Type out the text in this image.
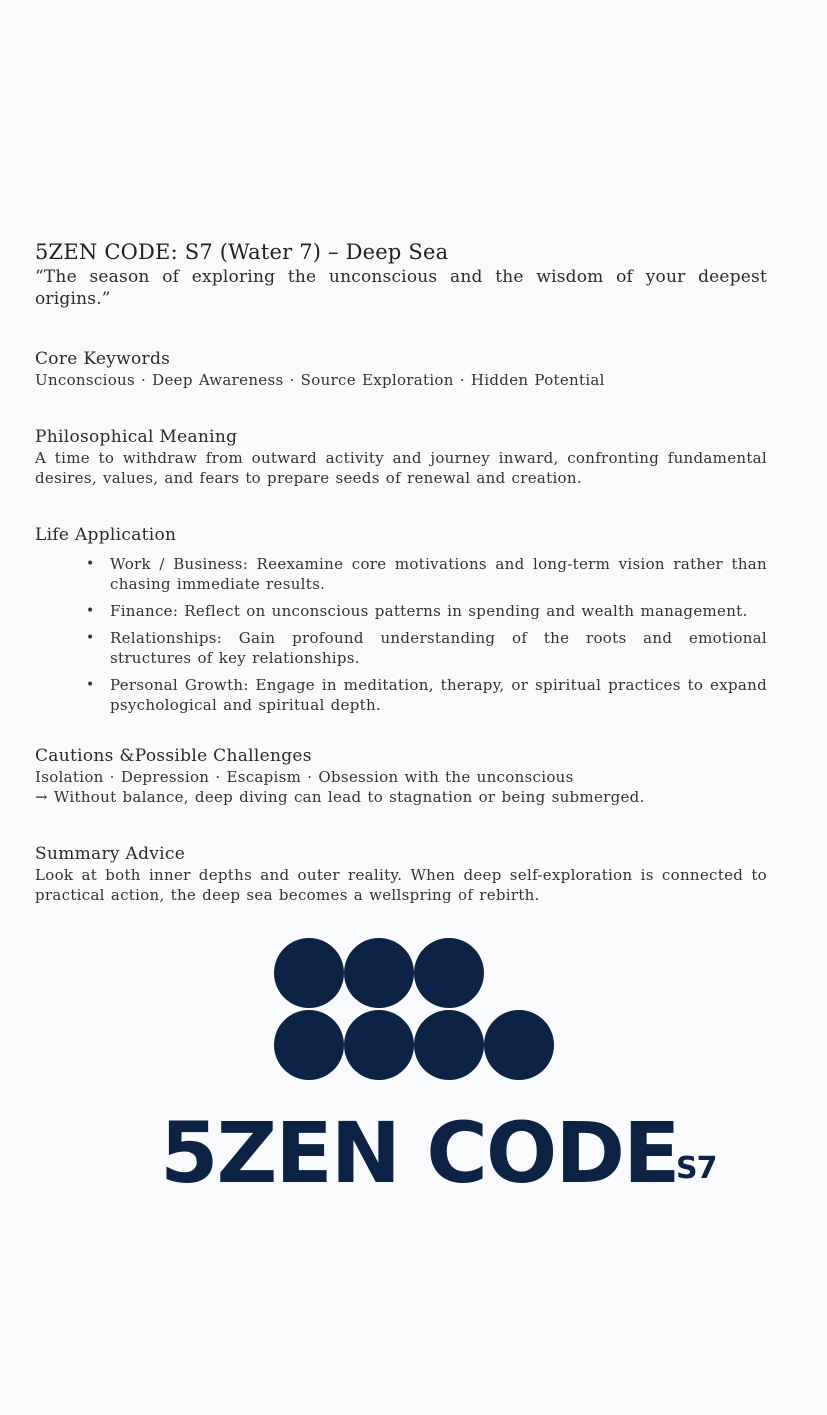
5ZEN CODE: S7 (Water 7) – Deep Sea

“The season of exploring the unconscious and the wisdom of your deepest origins.”

Core Keywords

Unconscious · Deep Awareness · Source Exploration · Hidden Potential

Philosophical Meaning

A time to withdraw from outward activity and journey inward, confronting fundamental desires, values, and fears to prepare seeds of renewal and creation.

Life Application
• Work / Business: Reexamine core motivations and long-term vision rather than chasing immediate results.
• Finance: Reflect on unconscious patterns in spending and wealth management.
• Relationships: Gain profound understanding of the roots and emotional structures of key relationships.
• Personal Growth: Engage in meditation, therapy, or spiritual practices to expand psychological and spiritual depth.
Cautions &Possible Challenges

Isolation · Depression · Escapism · Obsession with the unconscious

→ Without balance, deep diving can lead to stagnation or being submerged.

Summary Advice

Look at both inner depths and outer reality. When deep self-exploration is connected to practical action, the deep sea becomes a wellspring of rebirth.

5ZEN CODE
S7
